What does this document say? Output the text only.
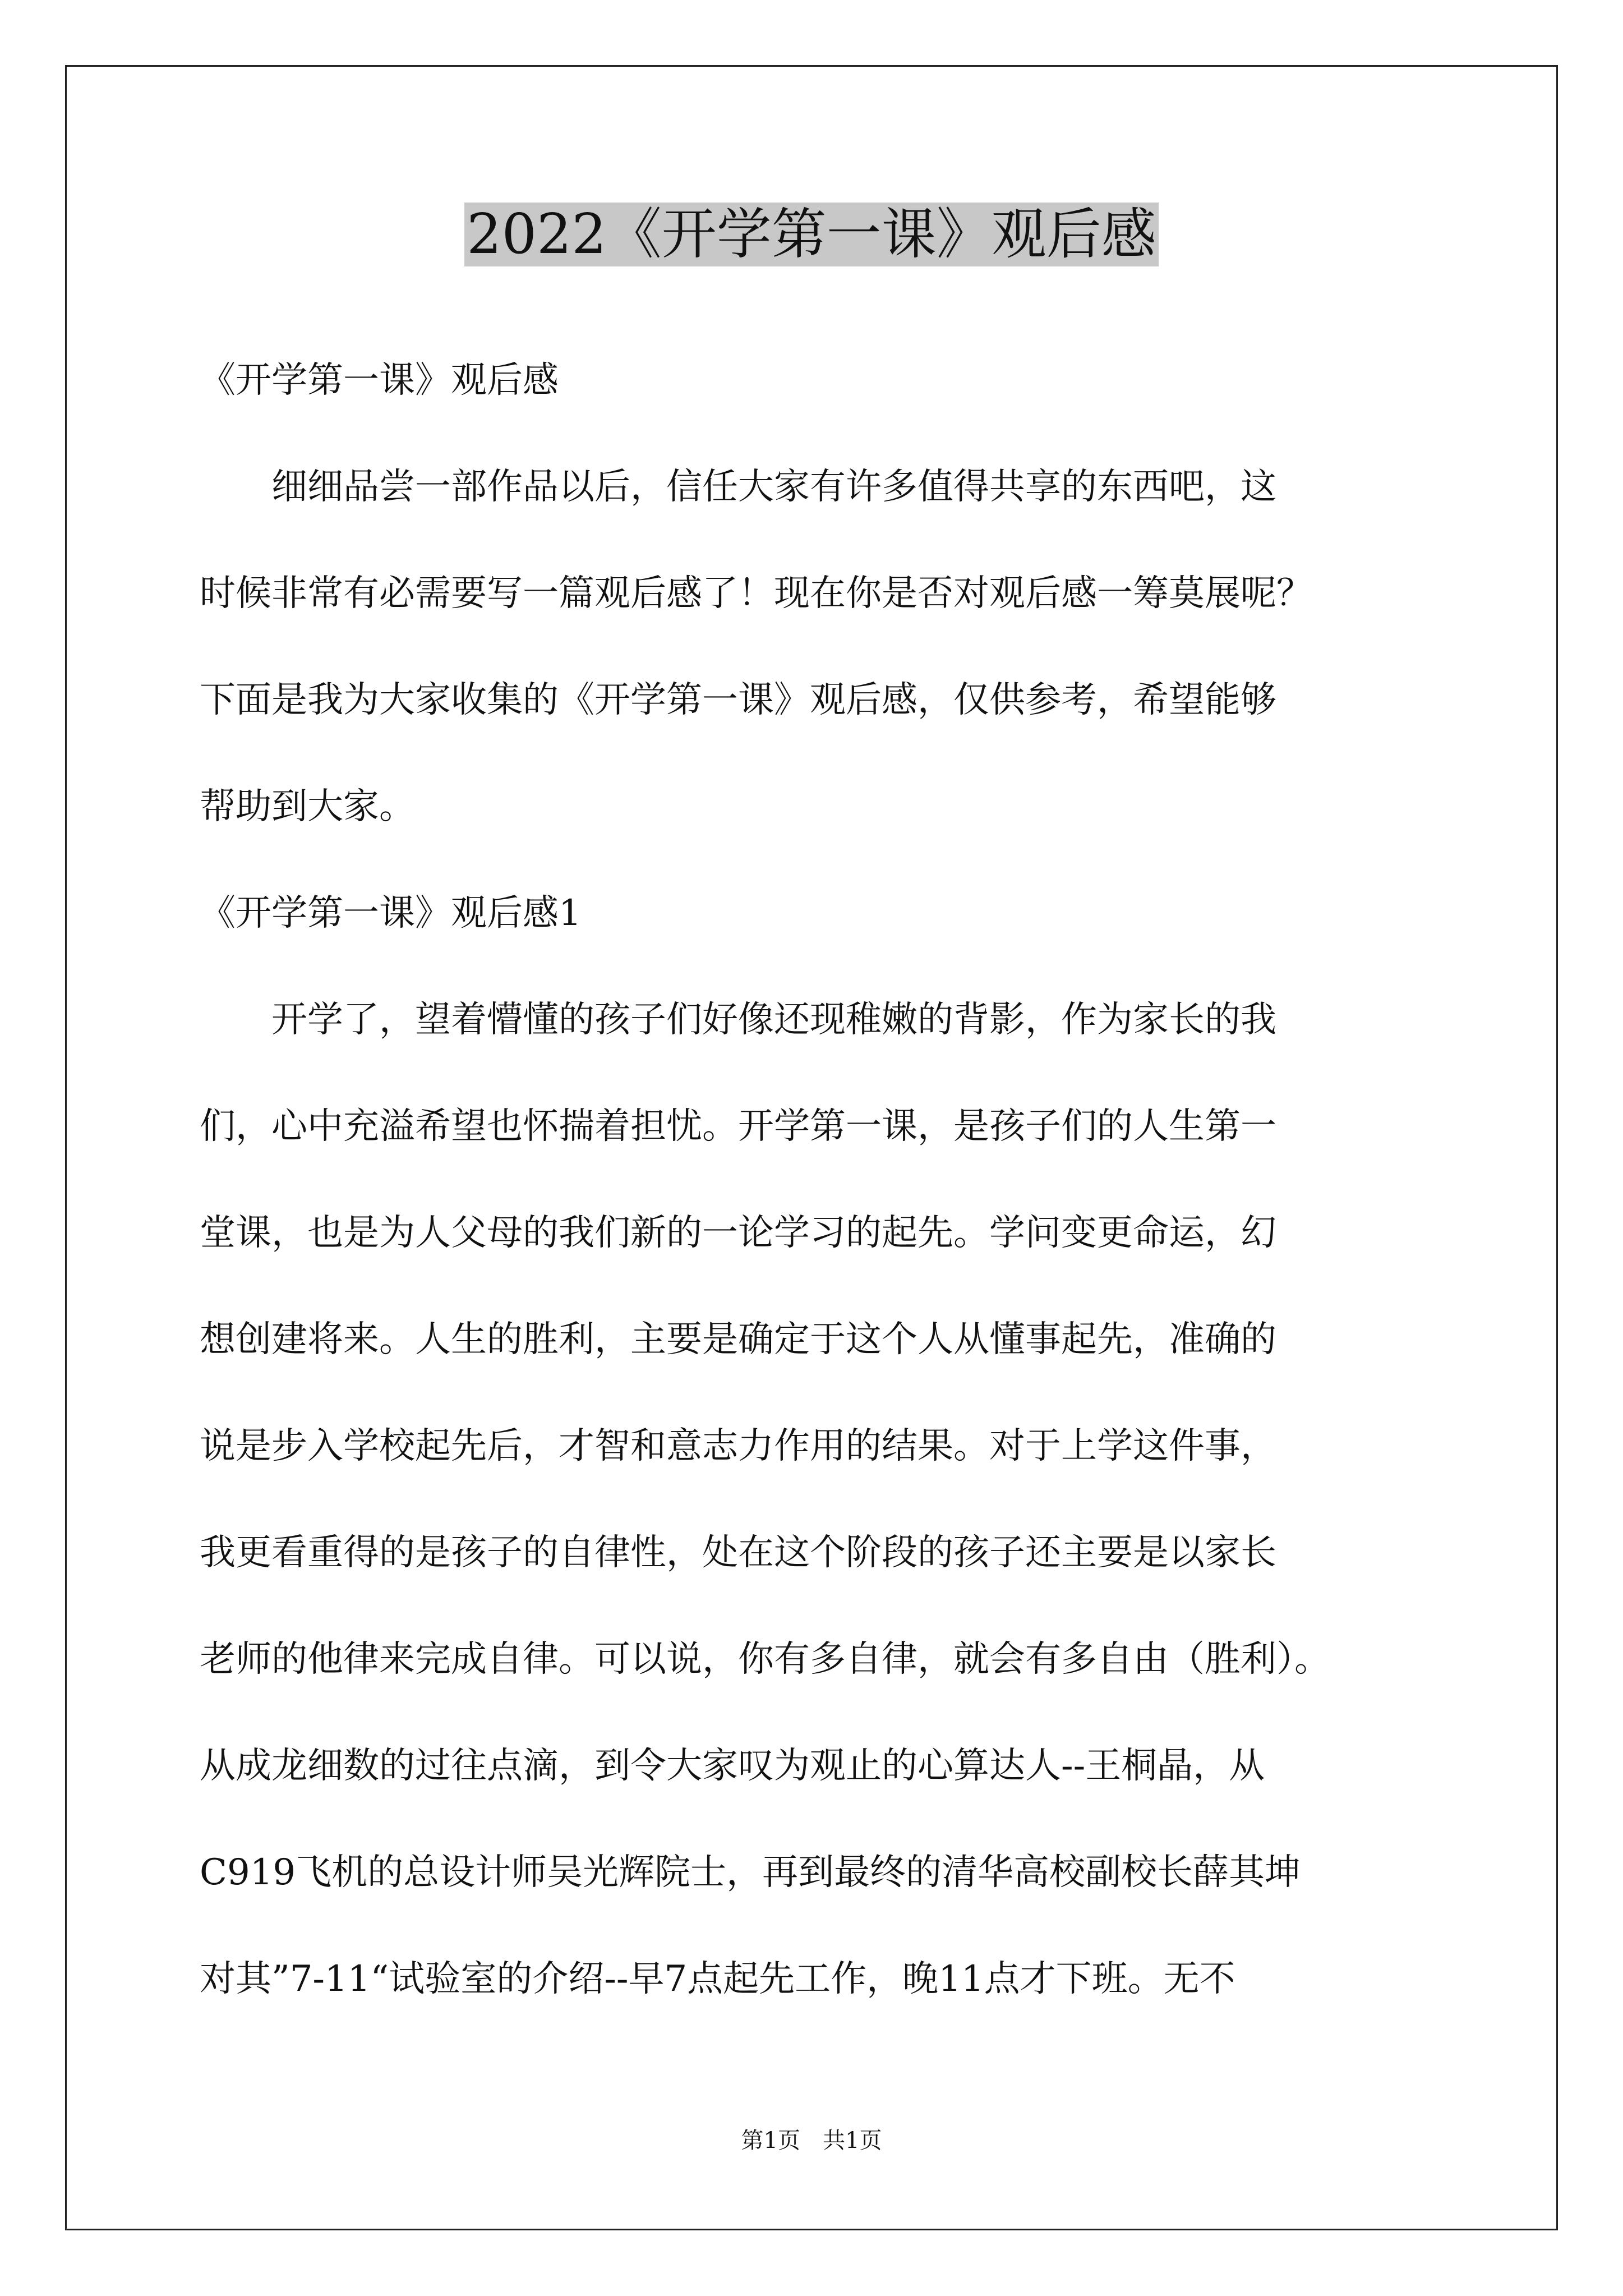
2022《开学第一课》观后感
《开学第一课》观后感
　　细细品尝一部作品以后，信任大家有许多值得共享的东西吧，这
时候非常有必需要写一篇观后感了！现在你是否对观后感一筹莫展呢？
下面是我为大家收集的《开学第一课》观后感，仅供参考，希望能够
帮助到大家。
《开学第一课》观后感1
　　开学了，望着懵懂的孩子们好像还现稚嫩的背影，作为家长的我
们，心中充溢希望也怀揣着担忧。开学第一课，是孩子们的人生第一
堂课，也是为人父母的我们新的一论学习的起先。学问变更命运，幻
想创建将来。人生的胜利，主要是确定于这个人从懂事起先，准确的
说是步入学校起先后，才智和意志力作用的结果。对于上学这件事，
我更看重得的是孩子的自律性，处在这个阶段的孩子还主要是以家长
老师的他律来完成自律。可以说，你有多自律，就会有多自由（胜利）。
从成龙细数的过往点滴，到令大家叹为观止的心算达人--王桐晶，从
C919飞机的总设计师吴光辉院士，再到最终的清华高校副校长薛其坤
对其”7-11“试验室的介绍--早7点起先工作，晚11点才下班。无不
第1页　共1页
